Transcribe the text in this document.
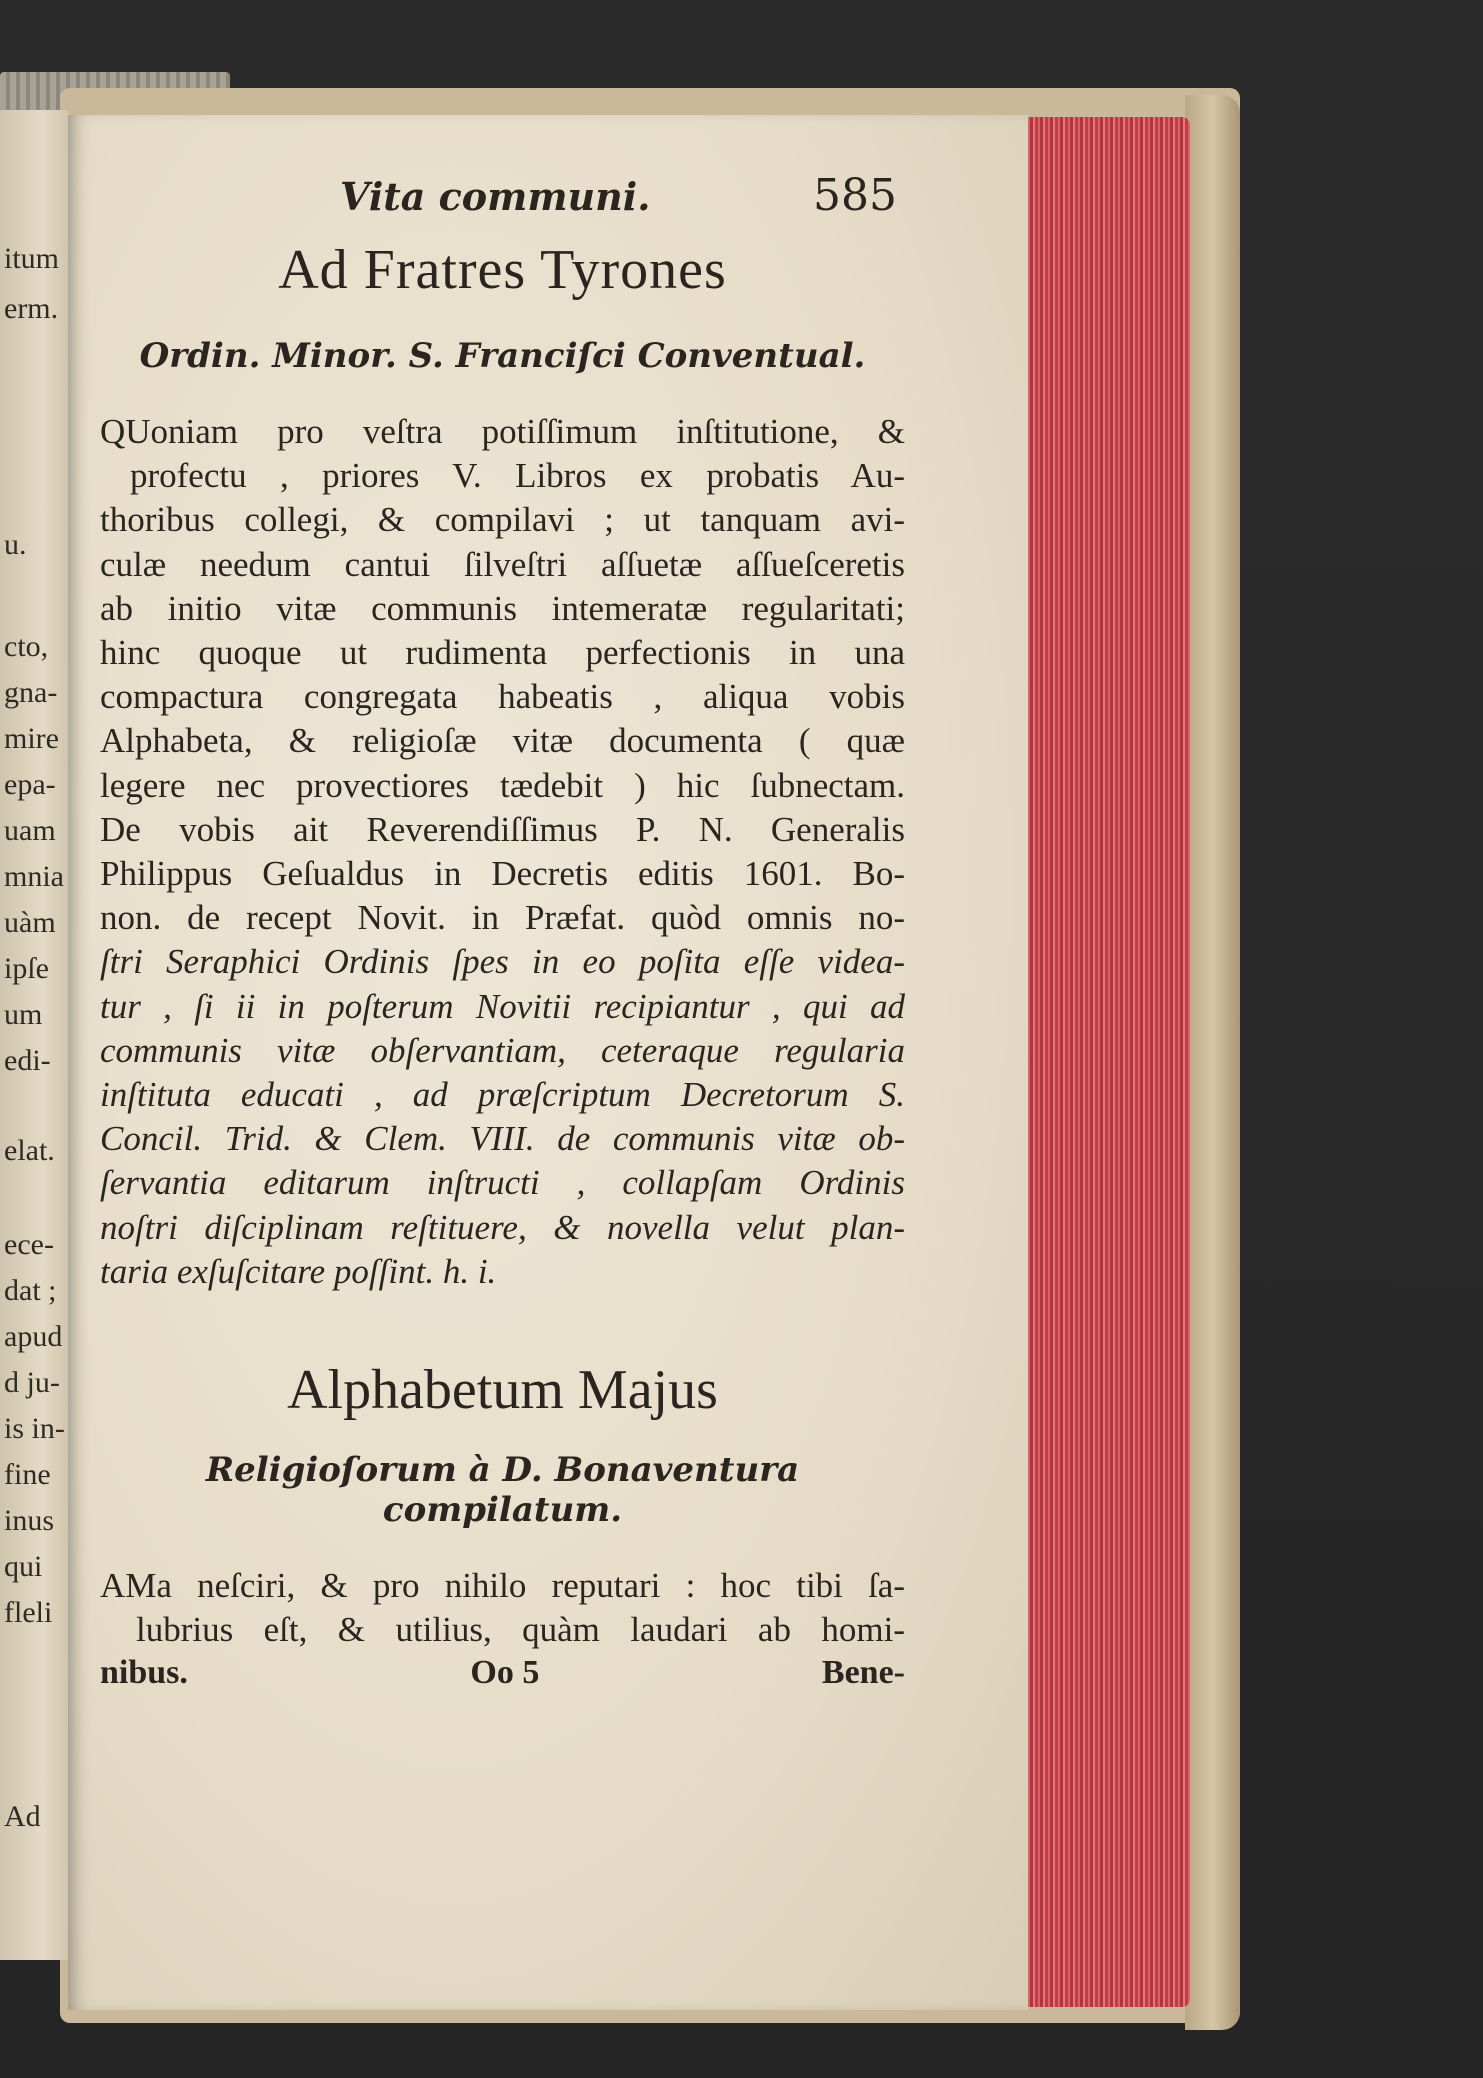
itum
erm.
u.
cto,
gna-
mire
epa-
uam
mnia
uàm
ipſe
um
edi-
elat.
ece-
dat ;
apud
d ju-
is in-
fine
inus
qui
fleli
Ad
Vita communi.	585
Ad Fratres Tyrones
Ordin. Minor. S. Franciſci Conventual.

QUoniam pro veſtra potiſſimum inſtitutione, &

profectu , priores V. Libros ex probatis Au-

thoribus collegi, & compilavi ; ut tanquam avi-

culæ needum cantui ſilveſtri aſſuetæ aſſueſceretis

ab initio vitæ communis intemeratæ regularitati;

hinc quoque ut rudimenta perfectionis in una

compactura congregata habeatis , aliqua vobis

Alphabeta, & religioſæ vitæ documenta ( quæ

legere nec provectiores tædebit ) hic ſubnectam.

De vobis ait Reverendiſſimus P. N. Generalis

Philippus Geſualdus in Decretis editis 1601. Bo-

non. de recept Novit. in Præfat. quòd omnis no-

ſtri Seraphici Ordinis ſpes in eo poſita eſſe videa-

tur , ſi ii in poſterum Novitii recipiantur , qui ad

communis vitæ obſervantiam, ceteraque regularia

inſtituta educati , ad præſcriptum Decretorum S.

Concil. Trid. & Clem. VIII. de communis vitæ ob-

ſervantia editarum inſtructi , collapſam Ordinis

noſtri diſciplinam reſtituere, & novella velut plan-

taria exſuſcitare poſſint. h. i.

Alphabetum Majus
Religioſorum à D. Bonaventura compilatum.

AMa neſciri, & pro nihilo reputari : hoc tibi ſa-

lubrius eſt, & utilius, quàm laudari ab homi-

nibus.	Oo 5	Bene-
